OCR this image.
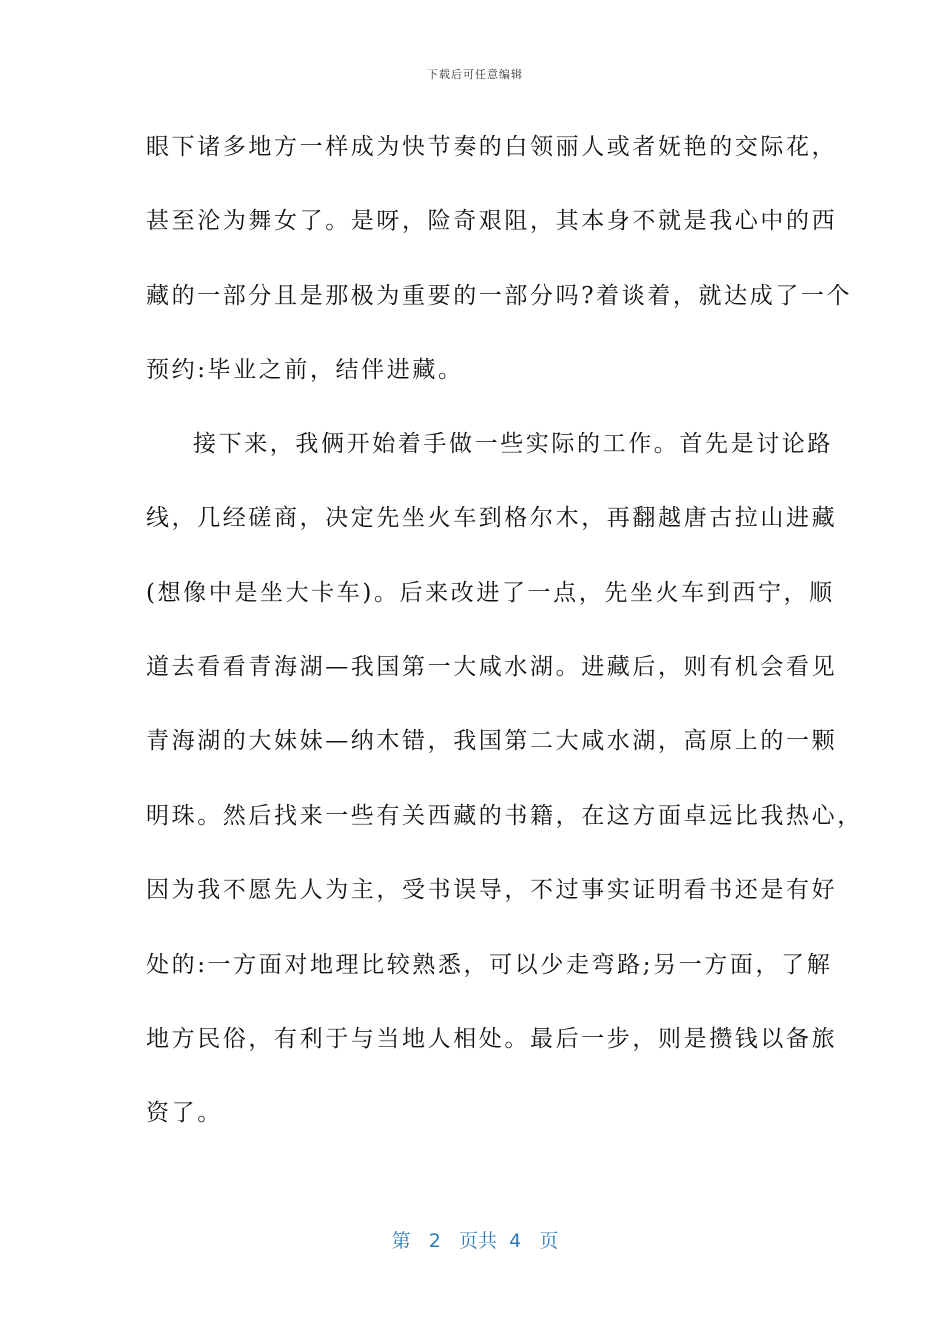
下载后可任意编辑
眼下诸多地方一样成为快节奏的白领丽人或者妩艳的交际花，
甚至沦为舞女了。是呀，险奇艰阻，其本身不就是我心中的西
藏的一部分且是那极为重要的一部分吗?着谈着，就达成了一个
预约:毕业之前，结伴进藏。
接下来，我俩开始着手做一些实际的工作。首先是讨论路
线，几经磋商，决定先坐火车到格尔木，再翻越唐古拉山进藏
(想像中是坐大卡车)。后来改进了一点，先坐火车到西宁，顺
道去看看青海湖—我国第一大咸水湖。进藏后，则有机会看见
青海湖的大妹妹—纳木错，我国第二大咸水湖，高原上的一颗
明珠。然后找来一些有关西藏的书籍，在这方面卓远比我热心，
因为我不愿先人为主，受书误导，不过事实证明看书还是有好
处的:一方面对地理比较熟悉，可以少走弯路;另一方面，了解
地方民俗，有利于与当地人相处。最后一步，则是攒钱以备旅
资了。
第 2 页共 4 页
